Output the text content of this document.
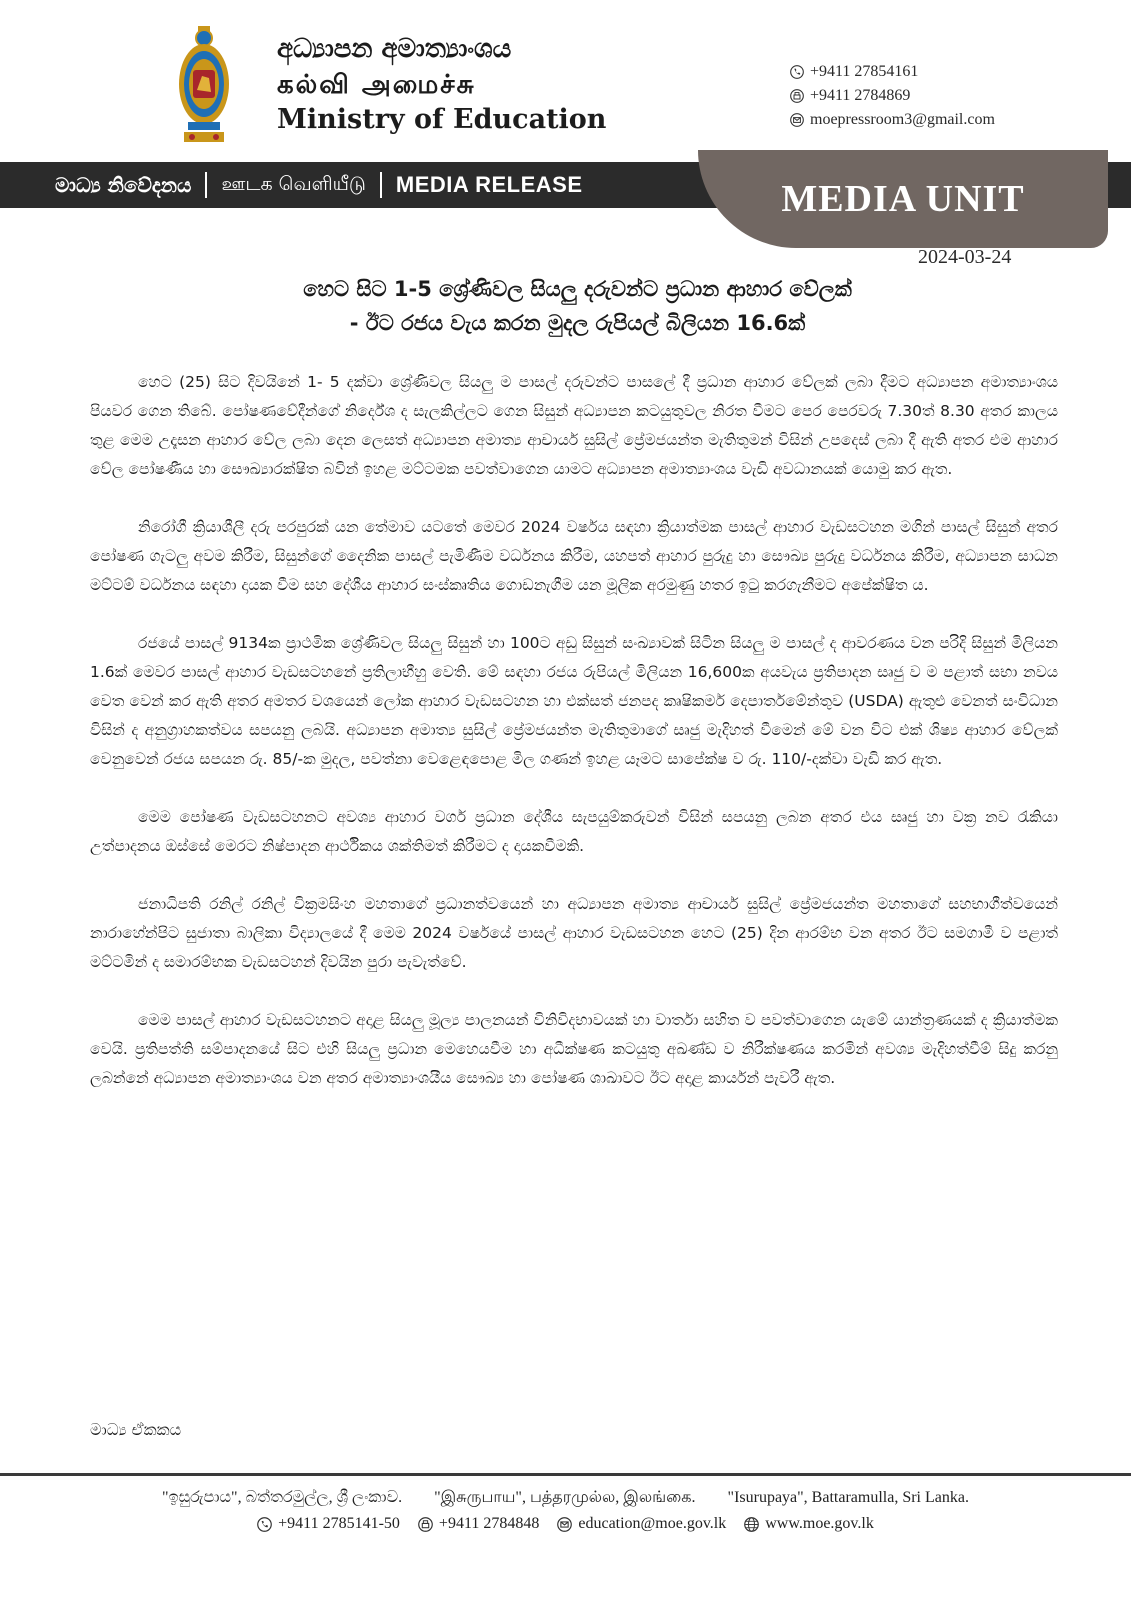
අධ්‍යාපන අමාත්‍යාංශය
கல்வி அமைச்சு
Ministry of Education
+9411 27854161
+9411 2784869
moepressroom3@gmail.com
MEDIA UNIT
මාධ්‍ය නිවේදනය ஊடக வெளியீடு MEDIA RELEASE
2024-03-24
හෙට සිට 1-5 ශ්‍රේණිවල සියලු දරුවන්ට ප්‍රධාන ආහාර වේලක්
- ඊට රජය වැය කරන මුදල රුපියල් බිලියන 16.6ක්

හෙට (25) සිට දිවයිනේ 1- 5 දක්වා ශ්‍රේණිවල සියලු ම පාසල් දරුවන්ට පාසලේ දී ප්‍රධාන ආහාර වේලක් ලබා දීමට අධ්‍යාපන අමාත්‍යාංශය පියවර ගෙන තිබේ. පෝෂණවේදීන්ගේ නිර්දේශ ද සැලකිල්ලට ගෙන සිසුන් අධ්‍යාපන කටයුතුවල නිරත වීමට පෙර පෙරවරු 7.30ත් 8.30 අතර කාලය තුළ මෙම උදෑසන ආහාර වේල ලබා දෙන ලෙසත් අධ්‍යාපන අමාත්‍ය ආචාර්ය සුසිල් ප්‍රේමජයන්ත මැතිතුමන් විසින් උපදෙස් ලබා දී ඇති අතර එම ආහාර වේල පෝෂණීය හා සෞඛ්‍යාරක්ෂිත බවින් ඉහළ මට්ටමක පවත්වාගෙන යාමට අධ්‍යාපන අමාත්‍යාංශය වැඩි අවධානයක් යොමු කර ඇත.

නිරෝගී ක්‍රියාශීලී දරු පරපුරක් යන තේමාව යටතේ මෙවර 2024 වර්ෂය සඳහා ක්‍රියාත්මක පාසල් ආහාර වැඩසටහන මගින් පාසල් සිසුන් අතර පෝෂණ ගැටලු අවම කිරීම, සිසුන්ගේ දෛනික පාසල් පැමිණීම වර්ධනය කිරීම, යහපත් ආහාර පුරුදු හා සෞඛ්‍ය පුරුදු වර්ධනය කිරීම, අධ්‍යාපන සාධන මට්ටම් වර්ධනය සඳහා දායක වීම සහ දේශීය ආහාර සංස්කෘතිය ගොඩනැගීම යන මූලික අරමුණු හතර ඉටු කරගැනීමට අපේක්ෂිත ය.

රජයේ පාසල් 9134ක ප්‍රාථමික ශ්‍රේණිවල සියලු සිසුන් හා 100ට අඩු සිසුන් සංඛ්‍යාවක් සිටින සියලු ම පාසල් ද ආවරණය වන පරිදි සිසුන් මිලියන 1.6ක් මෙවර පාසල් ආහාර වැඩසටහනේ ප්‍රතිලාභීහු වෙති. මේ සඳහා රජය රුපියල් මිලියන 16,600ක අයවැය ප්‍රතිපාදන සෘජු ව ම පළාත් සභා නවය වෙත වෙන් කර ඇති අතර අමතර වශයෙන් ලෝක ආහාර වැඩසටහන හා එක්සත් ජනපද කෘෂිකර්ම දෙපාර්තමේන්තුව (USDA) ඇතුළු වෙනත් සංවිධාන විසින් ද අනුග්‍රාහකත්වය සපයනු ලබයි. අධ්‍යාපන අමාත්‍ය සුසිල් ප්‍රේමජයන්ත මැතිතුමාගේ සෘජු මැදිහත් වීමෙන් මේ වන විට එක් ශිෂ්‍ය ආහාර වේලක් වෙනුවෙන් රජය සපයන රු. 85/-ක මුදල, පවත්නා වෙළෙඳපොළ මිල ගණන් ඉහළ යෑමට සාපේක්ෂ ව රු. 110/-දක්වා වැඩි කර ඇත.

මෙම පෝෂණ වැඩසටහනට අවශ්‍ය ආහාර වර්ග ප්‍රධාන දේශීය සැපයුම්කරුවන් විසින් සපයනු ලබන අතර එය සෘජු හා වක්‍ර නව රැකියා උත්පාදනය ඔස්සේ මෙරට නිෂ්පාදන ආර්ථිකය ශක්තිමත් කිරීමට ද දායකවීමකි.

ජනාධිපති රනිල් රනිල් වික්‍රමසිංහ මහතාගේ ප්‍රධානත්වයෙන් හා අධ්‍යාපන අමාත්‍ය ආචාර්ය සුසිල් ප්‍රේමජයන්ත මහතාගේ සහභාගීත්වයෙන් නාරාහේන්පිට සුජාතා බාලිකා විද්‍යාලයේ දී මෙම 2024 වර්ෂයේ පාසල් ආහාර වැඩසටහන හෙට (25) දින ආරම්භ වන අතර ඊට සමගාමී ව පළාත් මට්ටමින් ද සමාරම්භක වැඩසටහන් දිවයින පුරා පැවැත්වේ.

මෙම පාසල් ආහාර වැඩසටහනට අදාළ සියලු මූල්‍ය පාලනයන් විනිවිදභාවයක් හා වාර්තා සහිත ව පවත්වාගෙන යැමේ යාන්ත්‍රණයක් ද ක්‍රියාත්මක වෙයි. ප්‍රතිපත්ති සම්පාදනයේ සිට එහි සියලු ප්‍රධාන මෙහෙයවීම හා අධීක්ෂණ කටයුතු අඛණ්ඩ ව නිරීක්ෂණය කරමින් අවශ්‍ය මැදිහත්වීම් සිදු කරනු ලබන්නේ අධ්‍යාපන අමාත්‍යාංශය වන අතර අමාත්‍යාංශයීය සෞඛ්‍ය හා පෝෂණ ශාඛාවට ඊට අදාළ කාර්යන් පැවරී ඇත.

මාධ්‍ය ඒකකය
"ඉසුරුපාය", බත්තරමුල්ල, ශ්‍රී ලංකාව. "இசுருபாய", பத்தரமுல்ல, இலங்கை. "Isurupaya", Battaramulla, Sri Lanka.
+9411 2785141-50 +9411 2784848 education@moe.gov.lk www.moe.gov.lk
